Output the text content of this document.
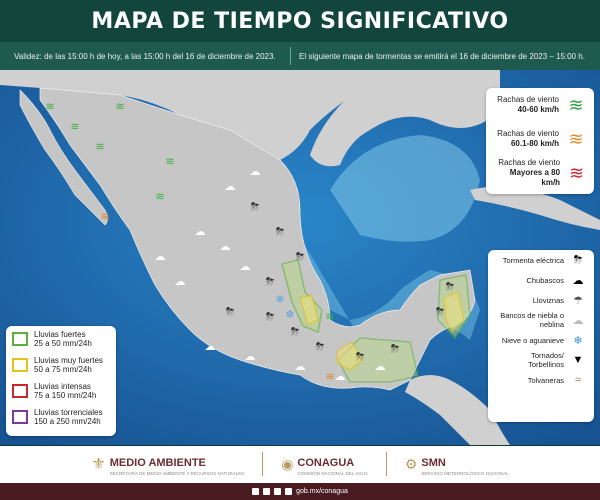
MAPA DE TIEMPO SIGNIFICATIVO
Validez: de las 15:00 h de hoy, a las 15:00 h del 16 de diciembre de 2023.	El siguiente mapa de tormentas se emitirá el 16 de diciembre de 2023 – 15:00 h.
☁
☁
☁
☁
☁
⛈
⛈
⛈
⛈
⛈	⛈
⛈
⛈
⛈
⛈
⛈
⛈
❄
❄
☁
☁
☁
☁
☁
☁
☁
≋
≋
≋
≋
≋
≋
≋
≋
≋
Rachas de viento
40-60 km/h ≋
Rachas de viento
60.1-80 km/h ≋
Rachas de viento
Mayores a 80 km/h ≋
Tormenta eléctrica ⛈
Chubascos ☁
Lloviznas ☂
Bancos de niebla o neblina ☁
Nieve o aguanieve ❄
Tornados/ Torbellinos ▼
Tolvaneras ≈
Lluvias fuertes
25 a 50 mm/24h
Lluvias muy fuertes
50 a 75 mm/24h
Lluvias intensas
75 a 150 mm/24h
Lluvias torrenciales
150 a 250 mm/24h
⚜ MEDIO AMBIENTE
SECRETARÍA DE MEDIO AMBIENTE Y RECURSOS NATURALES
◉ CONAGUA
COMISIÓN NACIONAL DEL AGUA
⚙ SMN
SERVICIO METEOROLÓGICO NACIONAL
gob.mx/conagua
